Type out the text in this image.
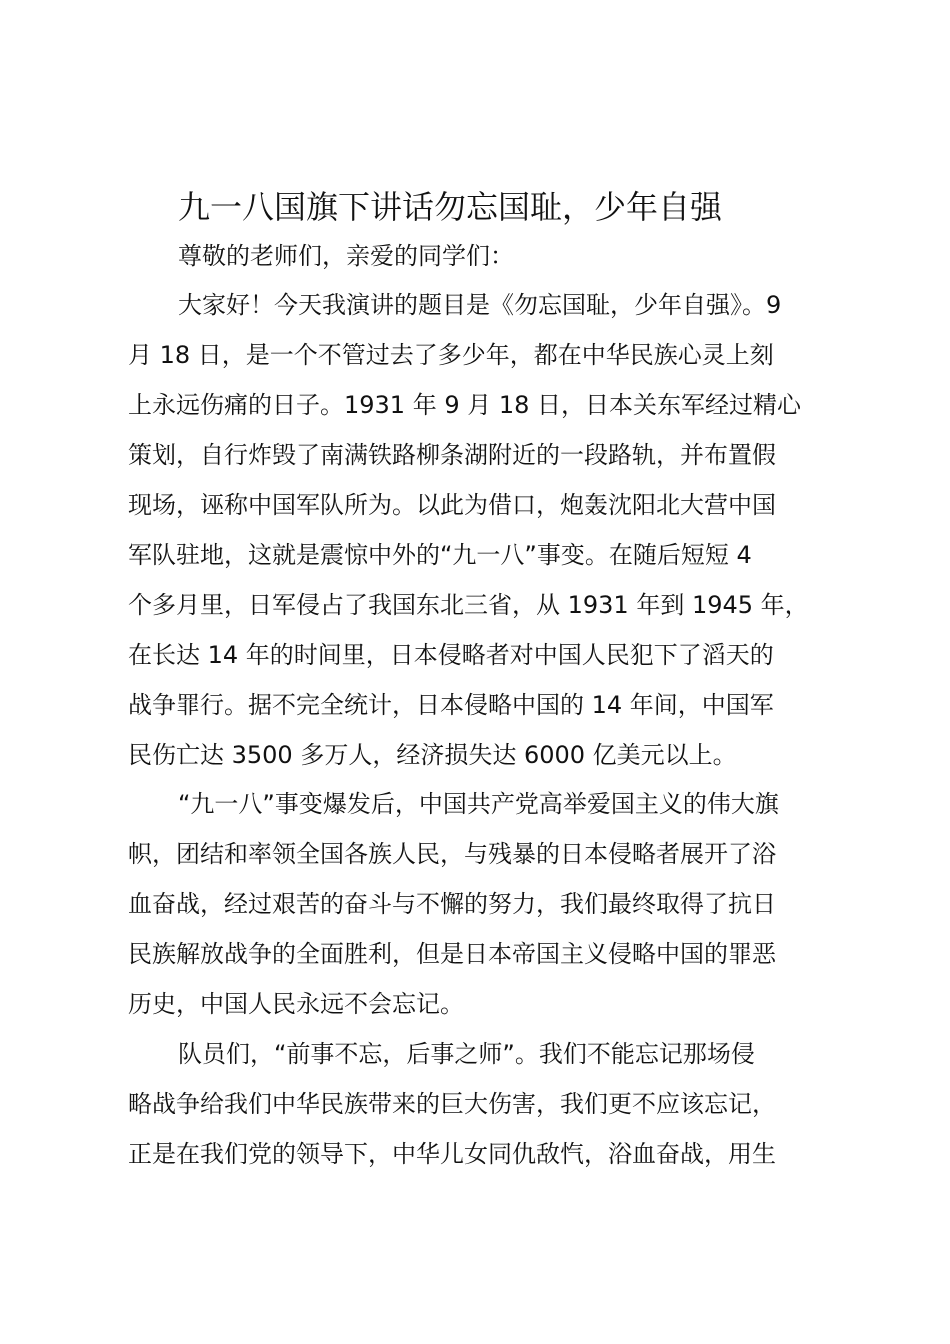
九一八国旗下讲话勿忘国耻，少年自强

尊敬的老师们，亲爱的同学们：

大家好！今天我演讲的题目是《勿忘国耻，少年自强》。9

月 18 日，是一个不管过去了多少年，都在中华民族心灵上刻

上永远伤痛的日子。1931 年 9 月 18 日，日本关东军经过精心

策划，自行炸毁了南满铁路柳条湖附近的一段路轨，并布置假

现场，诬称中国军队所为。以此为借口，炮轰沈阳北大营中国

军队驻地，这就是震惊中外的“九一八”事变。在随后短短 4

个多月里，日军侵占了我国东北三省，从 1931 年到 1945 年，

在长达 14 年的时间里，日本侵略者对中国人民犯下了滔天的

战争罪行。据不完全统计，日本侵略中国的 14 年间，中国军

民伤亡达 3500 多万人，经济损失达 6000 亿美元以上。

“九一八”事变爆发后，中国共产党高举爱国主义的伟大旗

帜，团结和率领全国各族人民，与残暴的日本侵略者展开了浴

血奋战，经过艰苦的奋斗与不懈的努力，我们最终取得了抗日

民族解放战争的全面胜利，但是日本帝国主义侵略中国的罪恶

历史，中国人民永远不会忘记。

队员们，“前事不忘，后事之师”。我们不能忘记那场侵

略战争给我们中华民族带来的巨大伤害，我们更不应该忘记，

正是在我们党的领导下，中华儿女同仇敌忾，浴血奋战，用生
